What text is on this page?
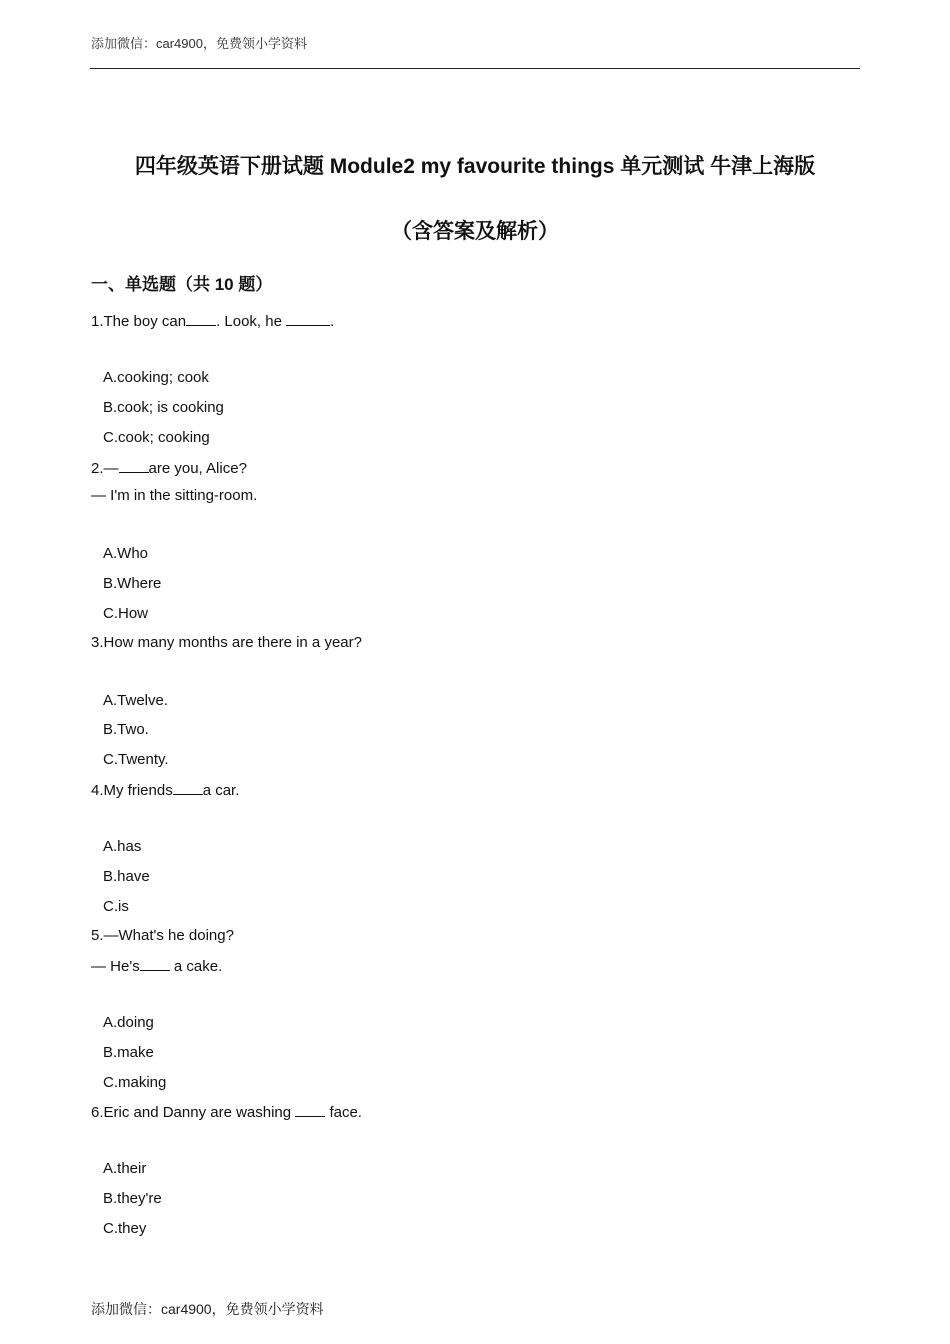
添加微信：car4900，免费领小学资料
四年级英语下册试题 Module2 my favourite things 单元测试 牛津上海版
（含答案及解析）
一、单选题（共 10 题）
1.The boy can . Look, he	.
A.cooking; cook
B.cook; is cooking
C.cook; cooking
2.— are you, Alice?
— I'm in the sitting-room.
A.Who
B.Where
C.How
3.How many months are there in a year?
A.Twelve.
B.Two.
C.Twenty.
4.My friends a car.
A.has
B.have
C.is
5.—What's he doing?
— He's a cake.
A.doing
B.make
C.making
6.Eric and Danny are washing  face.
A.their
B.they're
C.they
添加微信：car4900，免费领小学资料
